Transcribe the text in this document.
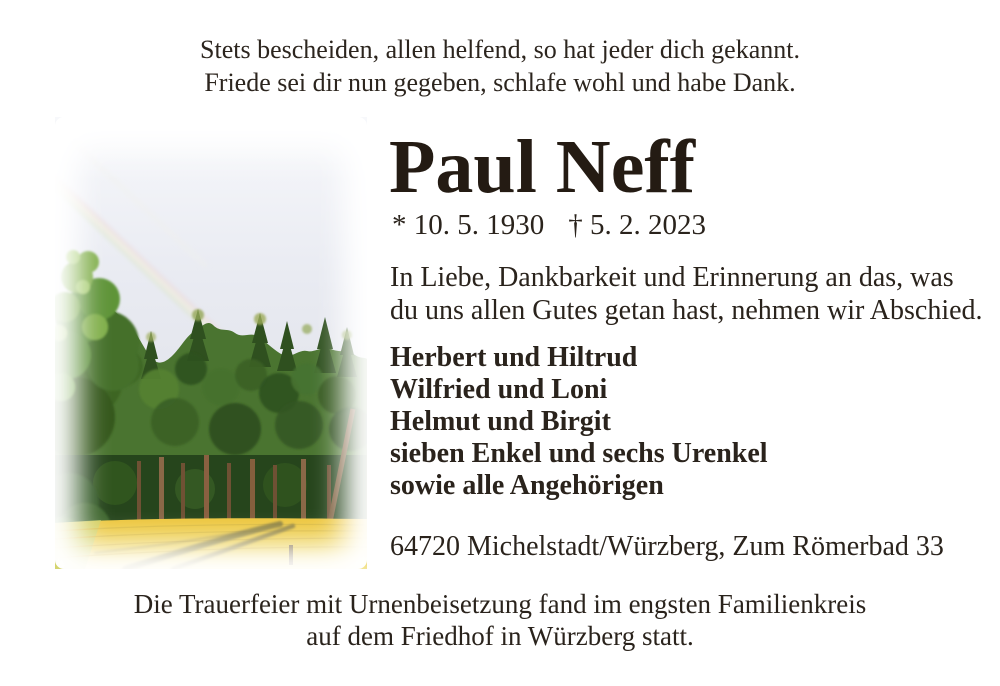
Stets bescheiden, allen helfend, so hat jeder dich gekannt.
Friede sei dir nun gegeben, schlafe wohl und habe Dank.
Paul Neff
* 10. 5. 1930 † 5. 2. 2023
In Liebe, Dankbarkeit und Erinnerung an das, was
du uns allen Gutes getan hast, nehmen wir Abschied.
Herbert und Hiltrud
Wilfried und Loni
Helmut und Birgit
sieben Enkel und sechs Urenkel
sowie alle Angehörigen
64720 Michelstadt/Würzberg, Zum Römerbad 33
Die Trauerfeier mit Urnenbeisetzung fand im engsten Familienkreis
auf dem Friedhof in Würzberg statt.
